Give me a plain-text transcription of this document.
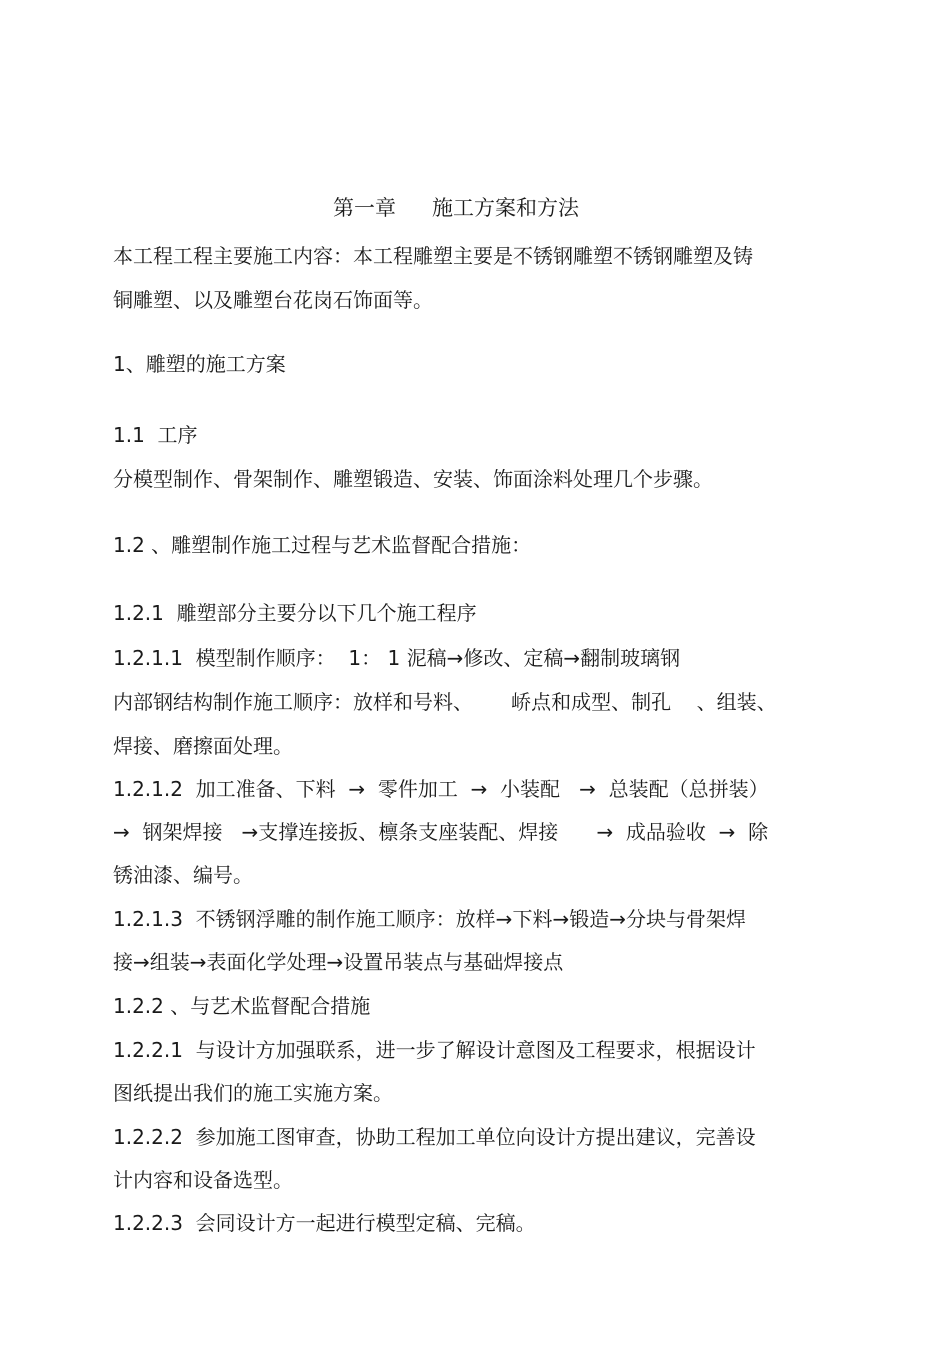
第一章 施工方案和方法
本工程工程主要施工内容：本工程雕塑主要是不锈钢雕塑不锈钢雕塑及铸
铜雕塑、以及雕塑台花岗石饰面等。
1、雕塑的施工方案
1.1  工序
分模型制作、骨架制作、雕塑锻造、安装、饰面涂料处理几个步骤。
1.2 、雕塑制作施工过程与艺术监督配合措施：
1.2.1  雕塑部分主要分以下几个施工程序
1.2.1.1  模型制作顺序：  1： 1 泥稿→修改、定稿→翻制玻璃钢
内部钢结构制作施工顺序：放样和号料、      峤点和成型、制孔    、组装、
焊接、磨擦面处理。
1.2.1.2  加工准备、下料  →  零件加工  →  小装配   →  总装配（总拼装）
→  钢架焊接   →支撑连接扳、檩条支座装配、焊接      →  成品验收  →  除
锈油漆、编号。
1.2.1.3  不锈钢浮雕的制作施工顺序：放样→下料→锻造→分块与骨架焊
接→组装→表面化学处理→设置吊装点与基础焊接点
1.2.2 、与艺术监督配合措施
1.2.2.1  与设计方加强联系，进一步了解设计意图及工程要求，根据设计
图纸提出我们的施工实施方案。
1.2.2.2  参加施工图审查，协助工程加工单位向设计方提出建议，完善设
计内容和设备选型。
1.2.2.3  会同设计方一起进行模型定稿、完稿。
